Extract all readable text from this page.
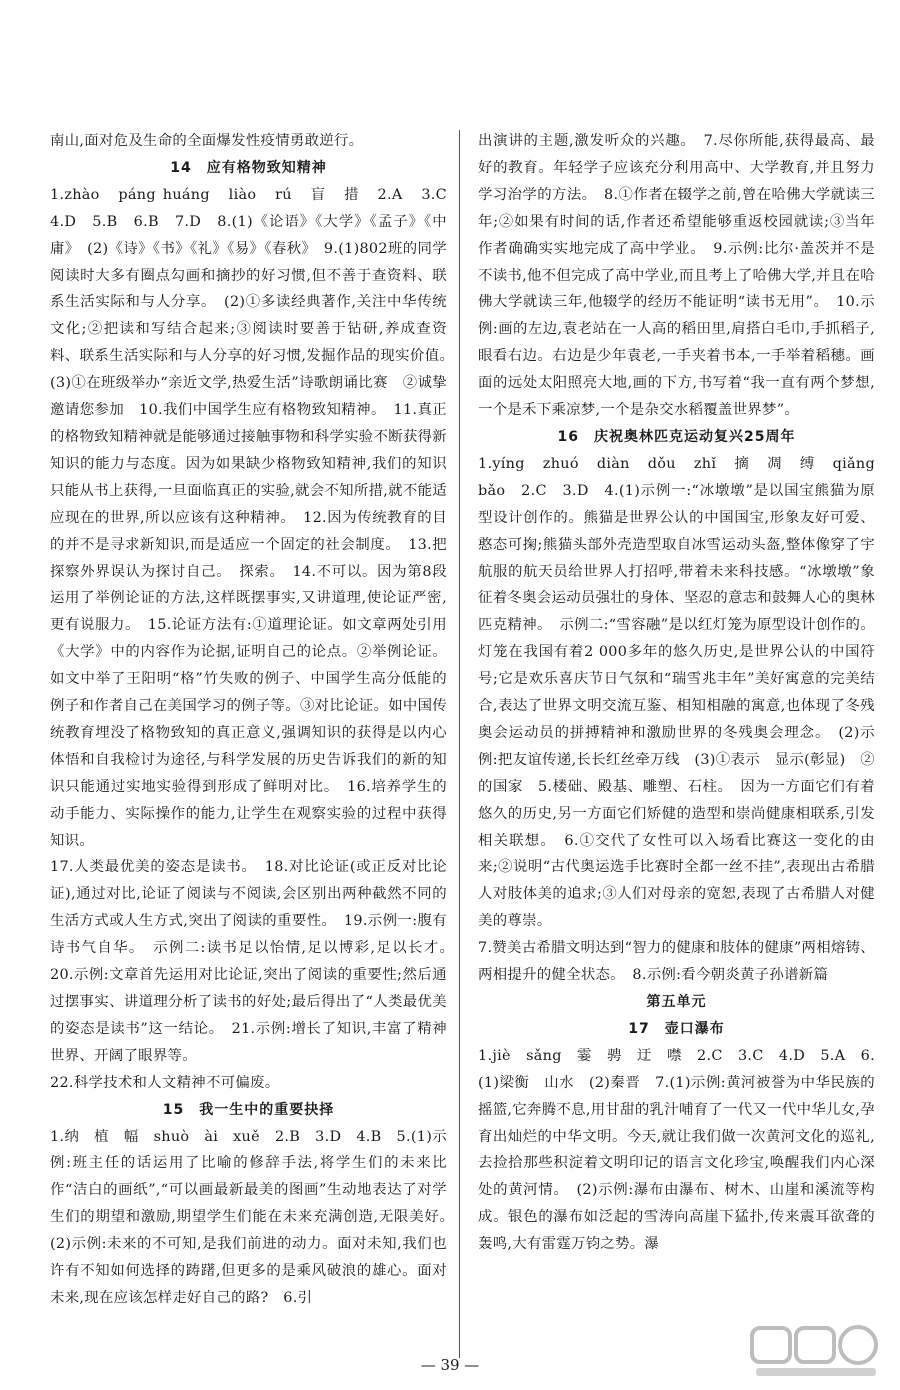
南山,面对危及生命的全面爆发性疫情勇敢逆行。
14　应有格物致知精神
1.zhào　páng huáng　liào　rú　盲　措　2.A　3.C　4.D　5.B　6.B　7.D　8.(1)《论语》《大学》《孟子》《中庸》　(2)《诗》《书》《礼》《易》《春秋》　9.(1)802班的同学阅读时大多有圈点勾画和摘抄的好习惯,但不善于查资料、联系生活实际和与人分享。　(2)①多读经典著作,关注中华传统文化;②把读和写结合起来;③阅读时要善于钻研,养成查资料、联系生活实际和与人分享的好习惯,发掘作品的现实价值。　(3)①在班级举办“亲近文学,热爱生活”诗歌朗诵比赛　②诚挚邀请您参加　10.我们中国学生应有格物致知精神。　11.真正的格物致知精神就是能够通过接触事物和科学实验不断获得新知识的能力与态度。因为如果缺少格物致知精神,我们的知识只能从书上获得,一旦面临真正的实验,就会不知所措,就不能适应现在的世界,所以应该有这种精神。　12.因为传统教育的目的并不是寻求新知识,而是适应一个固定的社会制度。　13.把探察外界误认为探讨自己。　探索。　14.不可以。因为第8段运用了举例论证的方法,这样既摆事实,又讲道理,使论证严密,更有说服力。　15.论证方法有:①道理论证。如文章两处引用《大学》中的内容作为论据,证明自己的论点。②举例论证。如文中举了王阳明“格”竹失败的例子、中国学生高分低能的例子和作者自己在美国学习的例子等。③对比论证。如中国传统教育埋没了格物致知的真正意义,强调知识的获得是以内心体悟和自我检讨为途径,与科学发展的历史告诉我们的新的知识只能通过实地实验得到形成了鲜明对比。　16.培养学生的动手能力、实际操作的能力,让学生在观察实验的过程中获得知识。
17.人类最优美的姿态是读书。　18.对比论证(或正反对比论证),通过对比,论证了阅读与不阅读,会区别出两种截然不同的生活方式或人生方式,突出了阅读的重要性。　19.示例一:腹有诗书气自华。　示例二:读书足以怡情,足以博彩,足以长才。　20.示例:文章首先运用对比论证,突出了阅读的重要性;然后通过摆事实、讲道理分析了读书的好处;最后得出了“人类最优美的姿态是读书”这一结论。　21.示例:增长了知识,丰富了精神世界、开阔了眼界等。
22.科学技术和人文精神不可偏废。
15　我一生中的重要抉择
1.纳　植　幅　shuò　ài　xuě　2.B　3.D　4.B　5.(1)示例:班主任的话运用了比喻的修辞手法,将学生们的未来比作“洁白的画纸”,“可以画最新最美的图画”生动地表达了对学生们的期望和激励,期望学生们能在未来充满创造,无限美好。　(2)示例:未来的不可知,是我们前进的动力。面对未知,我们也许有不知如何选择的踌躇,但更多的是乘风破浪的雄心。面对未来,现在应该怎样走好自己的路?　6.引
出演讲的主题,激发听众的兴趣。　7.尽你所能,获得最高、最好的教育。年轻学子应该充分利用高中、大学教育,并且努力学习治学的方法。　8.①作者在辍学之前,曾在哈佛大学就读三年;②如果有时间的话,作者还希望能够重返校园就读;③当年作者确确实实地完成了高中学业。　9.示例:比尔·盖茨并不是不读书,他不但完成了高中学业,而且考上了哈佛大学,并且在哈佛大学就读三年,他辍学的经历不能证明“读书无用”。　10.示例:画的左边,袁老站在一人高的稻田里,肩搭白毛巾,手抓稻子,眼看右边。右边是少年袁老,一手夹着书本,一手举着稻穗。画面的远处太阳照亮大地,画的下方,书写着“我一直有两个梦想,一个是禾下乘凉梦,一个是杂交水稻覆盖世界梦”。
16　庆祝奥林匹克运动复兴25周年
1.yíng　zhuó　diàn　dǒu　zhǐ　摘　凋　缚　qiǎng　bǎo　2.C　3.D　4.(1)示例一:“冰墩墩”是以国宝熊猫为原型设计创作的。熊猫是世界公认的中国国宝,形象友好可爱、憨态可掬;熊猫头部外壳造型取自冰雪运动头盔,整体像穿了宇航服的航天员给世界人打招呼,带着未来科技感。“冰墩墩”象征着冬奥会运动员强壮的身体、坚忍的意志和鼓舞人心的奥林匹克精神。　示例二:“雪容融”是以红灯笼为原型设计创作的。灯笼在我国有着2 000多年的悠久历史,是世界公认的中国符号;它是欢乐喜庆节日气氛和“瑞雪兆丰年”美好寓意的完美结合,表达了世界文明交流互鉴、相知相融的寓意,也体现了冬残奥会运动员的拼搏精神和激励世界的冬残奥会理念。　(2)示例:把友谊传递,长长红丝牵万线　(3)①表示　显示(彰显)　②的国家　5.楼础、殿基、雕塑、石柱。　因为一方面它们有着悠久的历史,另一方面它们矫健的造型和崇尚健康相联系,引发相关联想。　6.①交代了女性可以入场看比赛这一变化的由来;②说明“古代奥运选手比赛时全都一丝不挂”,表现出古希腊人对肢体美的追求;③人们对母亲的宽恕,表现了古希腊人对健美的尊崇。
7.赞美古希腊文明达到“智力的健康和肢体的健康”两相熔铸、两相提升的健全状态。　8.示例:看今朝炎黄子孙谱新篇
第五单元
17　壶口瀑布
1.jiè　sǎng　霎　骋　迂　噤　2.C　3.C　4.D　5.A　6.(1)梁衡　山水　(2)秦晋　7.(1)示例:黄河被誉为中华民族的摇篮,它奔腾不息,用甘甜的乳汁哺育了一代又一代中华儿女,孕育出灿烂的中华文明。今天,就让我们做一次黄河文化的巡礼,去捡拾那些积淀着文明印记的语言文化珍宝,唤醒我们内心深处的黄河情。　(2)示例:瀑布由瀑布、树木、山崖和溪流等构成。银色的瀑布如泛起的雪涛向高崖下猛扑,传来震耳欲聋的轰鸣,大有雷霆万钧之势。瀑
— 39 —
